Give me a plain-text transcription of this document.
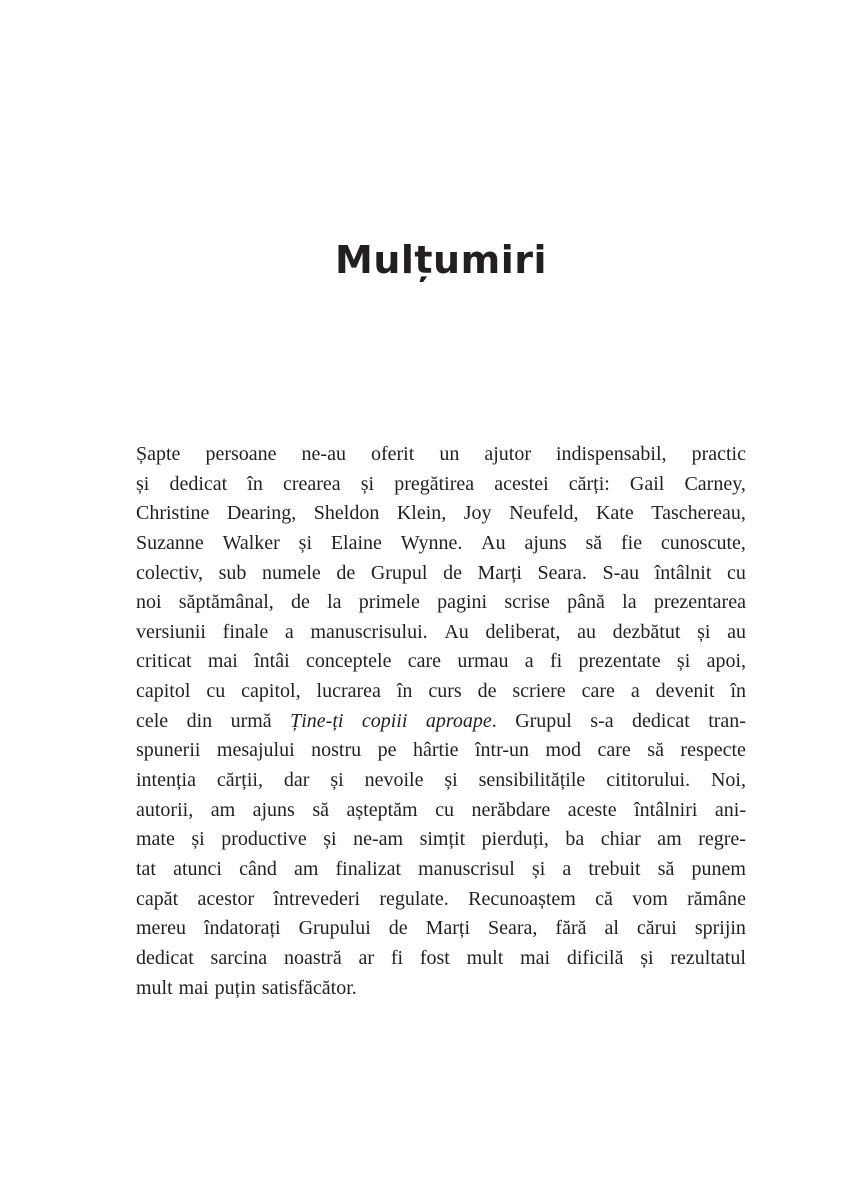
Mulțumiri
Șapte persoane ne-au oferit un ajutor indispensabil, practic
și dedicat în crearea și pregătirea acestei cărți: Gail Carney,
Christine Dearing, Sheldon Klein, Joy Neufeld, Kate Taschereau,
Suzanne Walker și Elaine Wynne. Au ajuns să fie cunoscute,
colectiv, sub numele de Grupul de Marți Seara. S-au întâlnit cu
noi săptămânal, de la primele pagini scrise până la prezentarea
versiunii finale a manuscrisului. Au deliberat, au dezbătut și au
criticat mai întâi conceptele care urmau a fi prezentate și apoi,
capitol cu capitol, lucrarea în curs de scriere care a devenit în
cele din urmă Ține-ți copiii aproape. Grupul s-a dedicat tran-
spunerii mesajului nostru pe hârtie într-un mod care să respecte
intenția cărții, dar și nevoile și sensibilitățile cititorului. Noi,
autorii, am ajuns să așteptăm cu nerăbdare aceste întâlniri ani-
mate și productive și ne-am simțit pierduți, ba chiar am regre-
tat atunci când am finalizat manuscrisul și a trebuit să punem
capăt acestor întrevederi regulate. Recunoaștem că vom rămâne
mereu îndatorați Grupului de Marți Seara, fără al cărui sprijin
dedicat sarcina noastră ar fi fost mult mai dificilă și rezultatul
mult mai puțin satisfăcător.
